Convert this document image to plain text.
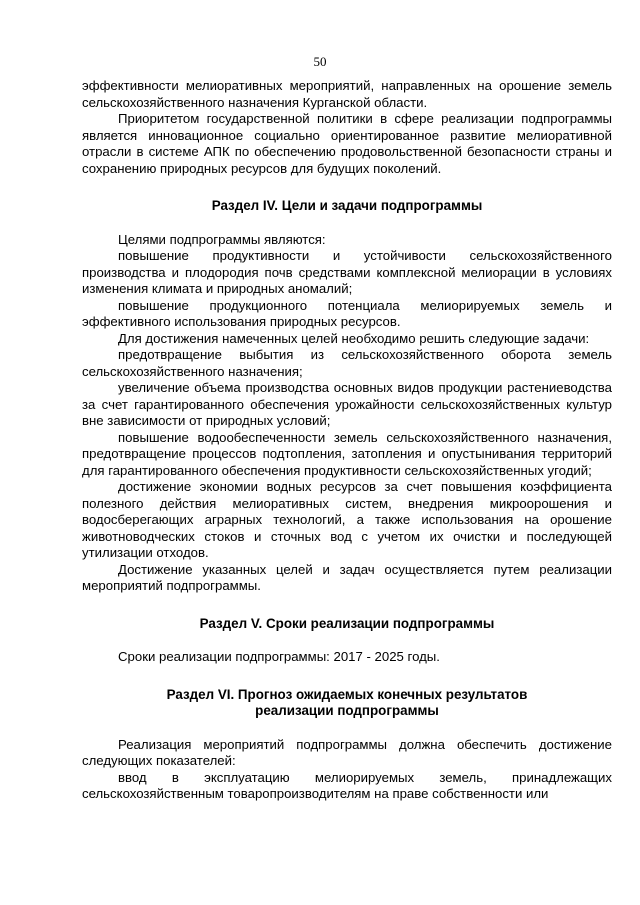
50
эффективности мелиоративных мероприятий, направленных на орошение земель сельскохозяйственного назначения Курганской области.
Приоритетом государственной политики в сфере реализации подпрограммы является инновационное социально ориентированное развитие мелиоративной отрасли в системе АПК по обеспечению продовольственной безопасности страны и сохранению природных ресурсов для будущих поколений.
Раздел IV. Цели и задачи подпрограммы
Целями подпрограммы являются:
повышение продуктивности и устойчивости сельскохозяйственного производства и плодородия почв средствами комплексной мелиорации в условиях изменения климата и природных аномалий;
повышение продукционного потенциала мелиорируемых земель и эффективного использования природных ресурсов.
Для достижения намеченных целей необходимо решить следующие задачи:
предотвращение выбытия из сельскохозяйственного оборота земель сельскохозяйственного назначения;
увеличение объема производства основных видов продукции растениеводства за счет гарантированного обеспечения урожайности сельскохозяйственных культур вне зависимости от природных условий;
повышение водообеспеченности земель сельскохозяйственного назначения, предотвращение процессов подтопления, затопления и опустынивания территорий для гарантированного обеспечения продуктивности сельскохозяйственных угодий;
достижение экономии водных ресурсов за счет повышения коэффициента полезного действия мелиоративных систем, внедрения микроорошения и водосберегающих аграрных технологий, а также использования на орошение животноводческих стоков и сточных вод с учетом их очистки и последующей утилизации отходов.
Достижение указанных целей и задач осуществляется путем реализации мероприятий подпрограммы.
Раздел V. Сроки реализации подпрограммы
Сроки реализации подпрограммы: 2017 - 2025 годы.
Раздел VI. Прогноз ожидаемых конечных результатов
реализации подпрограммы
Реализация мероприятий подпрограммы должна обеспечить достижение следующих показателей:
ввод в эксплуатацию мелиорируемых земель, принадлежащих сельскохозяйственным товаропроизводителям на праве собственности или
